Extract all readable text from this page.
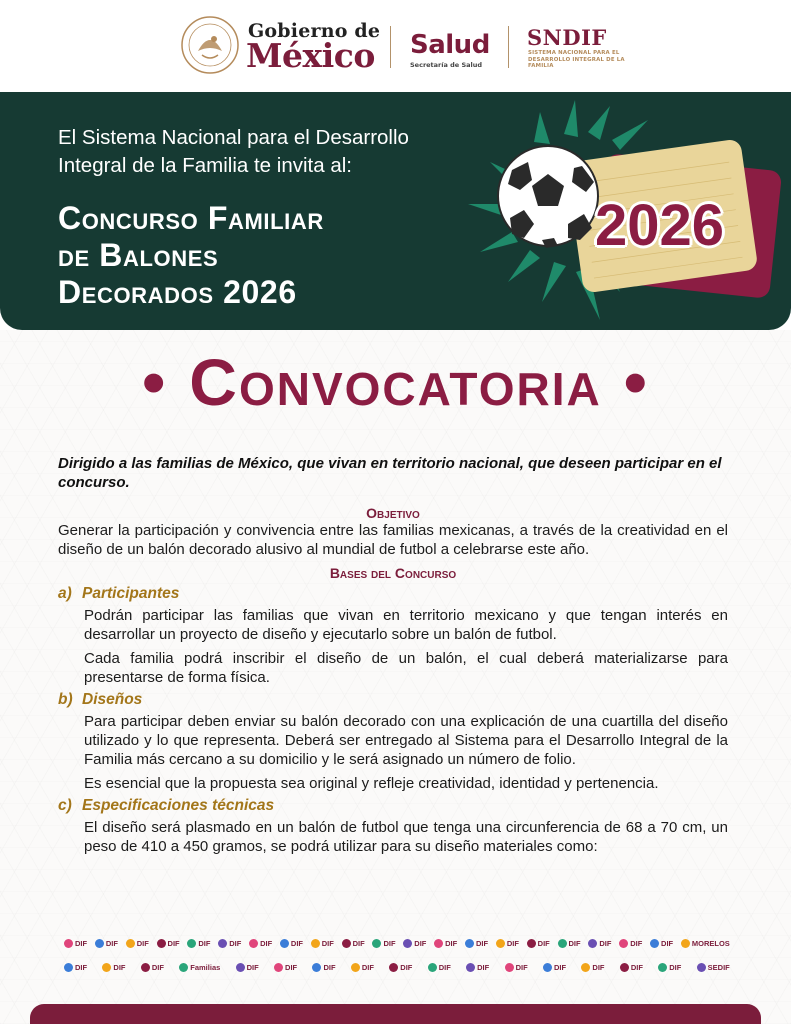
Gobierno de
México Salud
Secretaría de Salud
SNDIF
SISTEMA NACIONAL PARA EL DESARROLLO INTEGRAL DE LA FAMILIA
El Sistema Nacional para el Desarrollo Integral de la Familia te invita al:
Concurso Familiar
de Balones
Decorados 2026
2026
• Convocatoria •
Dirigido a las familias de México, que vivan en territorio nacional, que deseen participar en el concurso.
Objetivo
Generar la participación y convivencia entre las familias mexicanas, a través de la creatividad en el diseño de un balón decorado alusivo al mundial de futbol a celebrarse este año.
Bases del Concurso
a) Participantes
Podrán participar las familias que vivan en territorio mexicano y que tengan interés en desarrollar un proyecto de diseño y ejecutarlo sobre un balón de futbol.
Cada familia podrá inscribir el diseño de un balón, el cual deberá materializarse para presentarse de forma física.
b) Diseños
Para participar deben enviar su balón decorado con una explicación de una cuartilla del diseño utilizado y lo que representa. Deberá ser entregado al Sistema para el Desarrollo Integral de la Familia más cercano a su domicilio y le será asignado un número de folio.
Es esencial que la propuesta sea original y refleje creatividad, identidad y pertenencia.
c) Especificaciones técnicas
El diseño será plasmado en un balón de futbol que tenga una circunferencia de 68 a 70 cm, un peso de 410 a 450 gramos, se podrá utilizar para su diseño materiales como:
DIF	DIF	DIF	DIF	DIF	DIF	DIF	DIF	DIF	DIF	DIF	DIF	DIF	DIF	DIF	DIF	DIF	DIF	DIF	DIF	MORELOS
DIF	DIF	DIF	Familias	DIF	DIF	DIF	DIF	DIF	DIF	DIF	DIF	DIF	DIF	DIF	DIF	SEDIF
